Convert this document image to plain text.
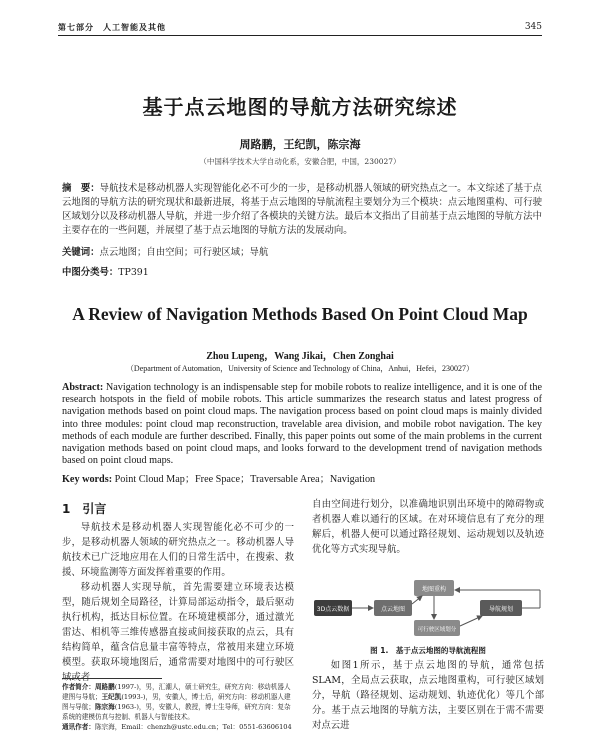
第七部分　人工智能及其他	345
基于点云地图的导航方法研究综述
周路鹏，王纪凯，陈宗海
（中国科学技术大学自动化系，安徽合肥，中国，230027）
摘　要：导航技术是移动机器人实现智能化必不可少的一步，是移动机器人领域的研究热点之一。本文综述了基于点云地图的导航方法的研究现状和最新进展，将基于点云地图的导航流程主要划分为三个模块：点云地图重构、可行驶区域划分以及移动机器人导航，并进一步介绍了各模块的关键方法。最后本文指出了目前基于点云地图的导航方法中主要存在的一些问题，并展望了基于点云地图的导航方法的发展动向。
关键词：点云地图；自由空间；可行驶区域；导航
中图分类号：TP391
A Review of Navigation Methods Based On Point Cloud Map
Zhou Lupeng，Wang Jikai，Chen Zonghai
（Department of Automation，University of Science and Technology of China，Anhui，Hefei，230027）
Abstract: Navigation technology is an indispensable step for mobile robots to realize intelligence, and it is one of the research hotspots in the field of mobile robots. This article summarizes the research status and latest progress of navigation methods based on point cloud maps. The navigation process based on point cloud maps is mainly divided into three modules: point cloud map reconstruction, travelable area division, and mobile robot navigation. The key methods of each module are further described. Finally, this paper points out some of the main problems in the current navigation methods based on point cloud maps, and looks forward to the development trend of navigation methods based on point cloud maps.
Key words: Point Cloud Map；Free Space；Traversable Area；Navigation
1　引言

导航技术是移动机器人实现智能化必不可少的一步，是移动机器人领域的研究热点之一。移动机器人导航技术已广泛地应用在人们的日常生活中，在搜索、救援、环境监测等方面发挥着重要的作用。

移动机器人实现导航，首先需要建立环境表达模型，随后规划全局路径，计算局部运动指令，最后驱动执行机构，抵达目标位置。在环境建模部分，通过激光雷达、相机等三维传感器直接或间接获取的点云，具有结构简单，蕴含信息量丰富等特点，常被用来建立环境模型。获取环境地图后，通常需要对地图中的可行驶区域或者

自由空间进行划分，以准确地识别出环境中的障碍物或者机器人难以通行的区域。在对环境信息有了充分的理解后，机器人便可以通过路径规划、运动规划以及轨迹优化等方式实现导航。
3D点云数据	点云地图
地图重构
可行驶区域划分
导航规划
图 1.　基于点云地图的导航流程图

如图1所示，基于点云地图的导航，通常包括SLAM，全局点云获取，点云地图重构，可行驶区域划分，导航（路径规划、运动规划、轨迹优化）等几个部分。基于点云地图的导航方法，主要区别在于需不需要对点云进

作者简介：周路鹏(1997-)，男，汇潮人，硕士研究生，研究方向：移动机器人建图与导航；王纪凯(1993-)，男，安徽人，博士后，研究方向：移动机器人建图与导航；陈宗海(1963-)，男，安徽人，教授，博士生导师，研究方向：复杂系统的建模仿真与控制、机器人与智能技术。
通讯作者：陈宗海，Email：chenzh@ustc.edu.cn；Tel：0551-63606104
